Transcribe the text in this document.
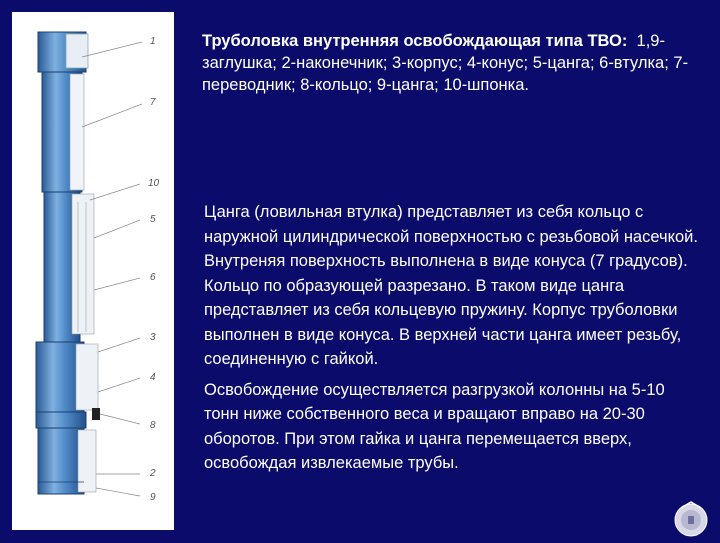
1
7
10
5
6
3
4
8
2
9
Труболовка внутренняя освобождающая типа ТВО: 1,9-заглушка; 2-наконечник; 3-корпус; 4-конус; 5-цанга; 6-втулка; 7-переводник; 8-кольцо; 9-цанга; 10-шпонка.

Цанга (ловильная втулка) представляет из себя кольцо с наружной цилиндрической поверхностью с резьбовой насечкой. Внутреняя поверхность выполнена в виде конуса (7 градусов). Кольцо по образующей разрезано. В таком виде цанга представляет из себя кольцевую пружину. Корпус труболовки выполнен в виде конуса. В верхней части цанга имеет резьбу, соединенную с гайкой.

Освобождение осуществляется разгрузкой колонны на 5-10 тонн ниже собственного веса и вращают вправо на 20-30 оборотов. При этом гайка и цанга перемещается вверх, освобождая извлекаемые трубы.
